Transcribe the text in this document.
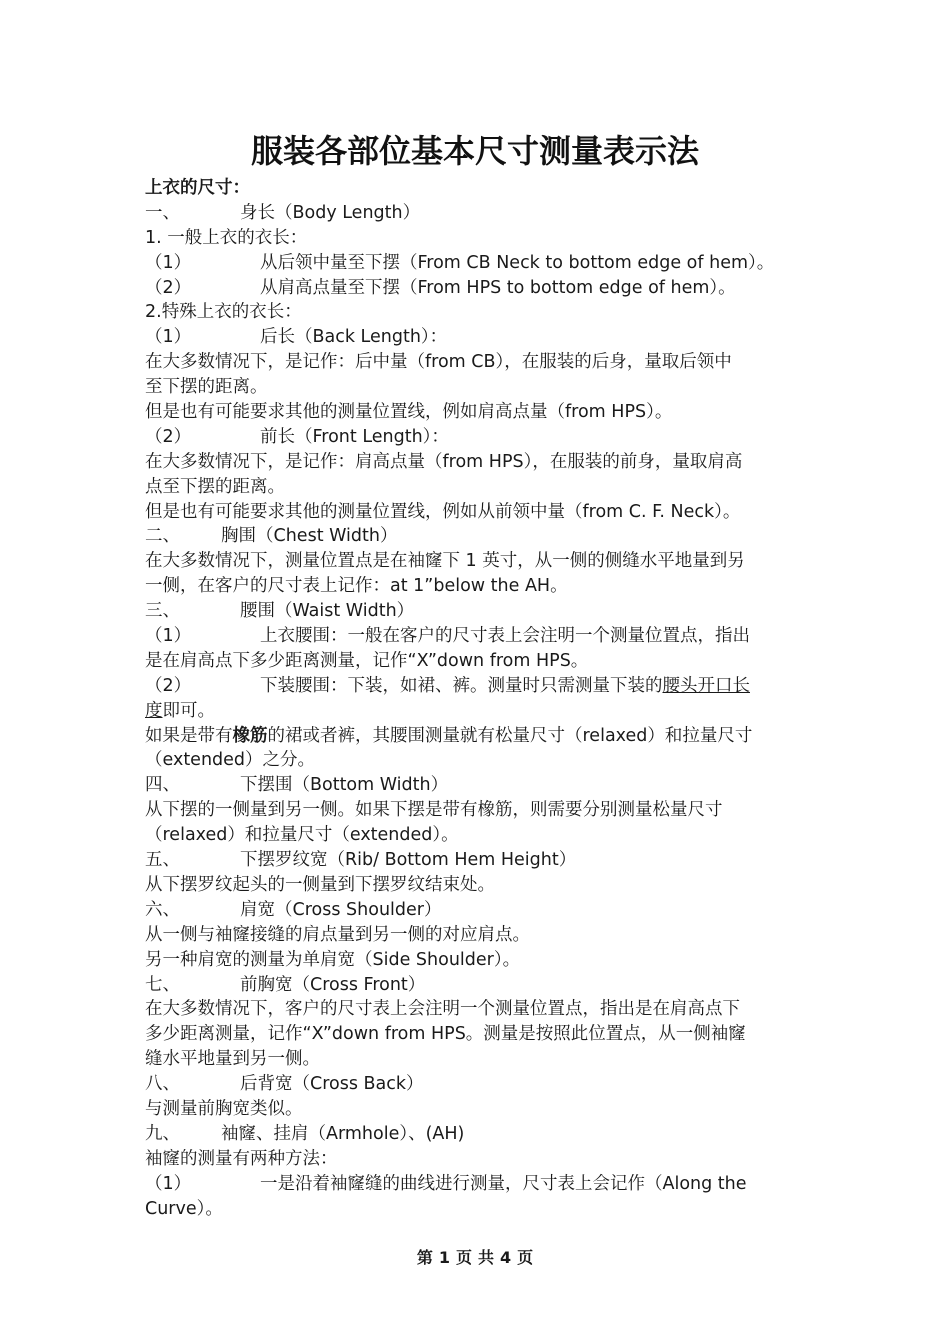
服装各部位基本尺寸测量表示法
上衣的尺寸：
一、	身长（Body Length）
1. 一般上衣的衣长：
（1）	从后领中量至下摆（From CB Neck to bottom edge of hem）。
（2）	从肩高点量至下摆（From HPS to bottom edge of hem）。
2.特殊上衣的衣长：
（1）	后长（Back Length）：
在大多数情况下，是记作：后中量（from CB），在服装的后身，量取后领中
至下摆的距离。
但是也有可能要求其他的测量位置线，例如肩高点量（from HPS）。
（2）	前长（Front Length）：
在大多数情况下，是记作：肩高点量（from HPS），在服装的前身，量取肩高
点至下摆的距离。
但是也有可能要求其他的测量位置线，例如从前领中量（from C. F. Neck）。
二、 胸围（Chest Width）
在大多数情况下，测量位置点是在袖窿下 1 英寸，从一侧的侧缝水平地量到另
一侧，在客户的尺寸表上记作：at 1”below the AH。
三、	腰围（Waist Width）
（1）	上衣腰围：一般在客户的尺寸表上会注明一个测量位置点，指出
是在肩高点下多少距离测量，记作“X”down from HPS。
（2）	下装腰围：下装，如裙、裤。测量时只需测量下装的腰头开口长
度即可。
如果是带有橡筋的裙或者裤，其腰围测量就有松量尺寸（relaxed）和拉量尺寸
（extended）之分。
四、	下摆围（Bottom Width）
从下摆的一侧量到另一侧。如果下摆是带有橡筋，则需要分别测量松量尺寸
（relaxed）和拉量尺寸（extended）。
五、	下摆罗纹宽（Rib/ Bottom Hem Height）
从下摆罗纹起头的一侧量到下摆罗纹结束处。
六、	肩宽（Cross Shoulder）
从一侧与袖窿接缝的肩点量到另一侧的对应肩点。
另一种肩宽的测量为单肩宽（Side Shoulder）。
七、	前胸宽（Cross Front）
在大多数情况下，客户的尺寸表上会注明一个测量位置点，指出是在肩高点下
多少距离测量，记作“X”down from HPS。测量是按照此位置点，从一侧袖窿
缝水平地量到另一侧。
八、	后背宽（Cross Back）
与测量前胸宽类似。
九、 袖窿、挂肩（Armhole）、(AH)
袖窿的测量有两种方法：
（1）	一是沿着袖窿缝的曲线进行测量，尺寸表上会记作（Along the
Curve）。
第 1 页 共 4 页
